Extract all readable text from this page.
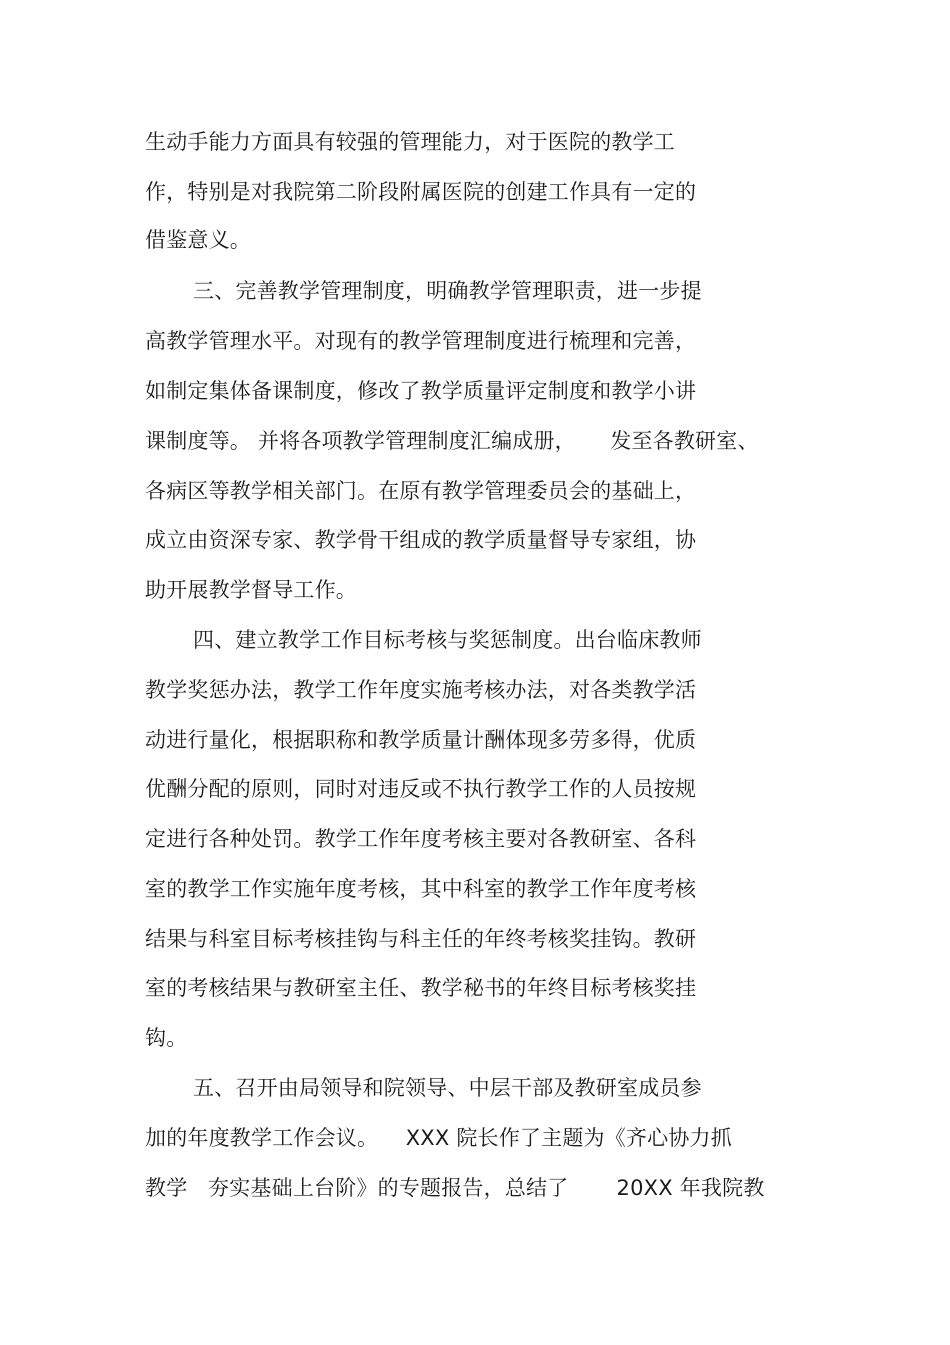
生动手能力方面具有较强的管理能力，对于医院的教学工
作，特别是对我院第二阶段附属医院的创建工作具有一定的
借鉴意义。
三、完善教学管理制度，明确教学管理职责，进一步提
高教学管理水平。对现有的教学管理制度进行梳理和完善，
如制定集体备课制度，修改了教学质量评定制度和教学小讲
课制度等。 并将各项教学管理制度汇编成册，     发至各教研室、
各病区等教学相关部门。在原有教学管理委员会的基础上，
成立由资深专家、教学骨干组成的教学质量督导专家组，协
助开展教学督导工作。
四、建立教学工作目标考核与奖惩制度。出台临床教师
教学奖惩办法，教学工作年度实施考核办法，对各类教学活
动进行量化，根据职称和教学质量计酬体现多劳多得，优质
优酬分配的原则，同时对违反或不执行教学工作的人员按规
定进行各种处罚。教学工作年度考核主要对各教研室、各科
室的教学工作实施年度考核，其中科室的教学工作年度考核
结果与科室目标考核挂钩与科主任的年终考核奖挂钩。教研
室的考核结果与教研室主任、教学秘书的年终目标考核奖挂
钩。
五、召开由局领导和院领导、中层干部及教研室成员参
加的年度教学工作会议。    XXX 院长作了主题为《齐心协力抓
教学   夯实基础上台阶》的专题报告，总结了       20XX 年我院教
